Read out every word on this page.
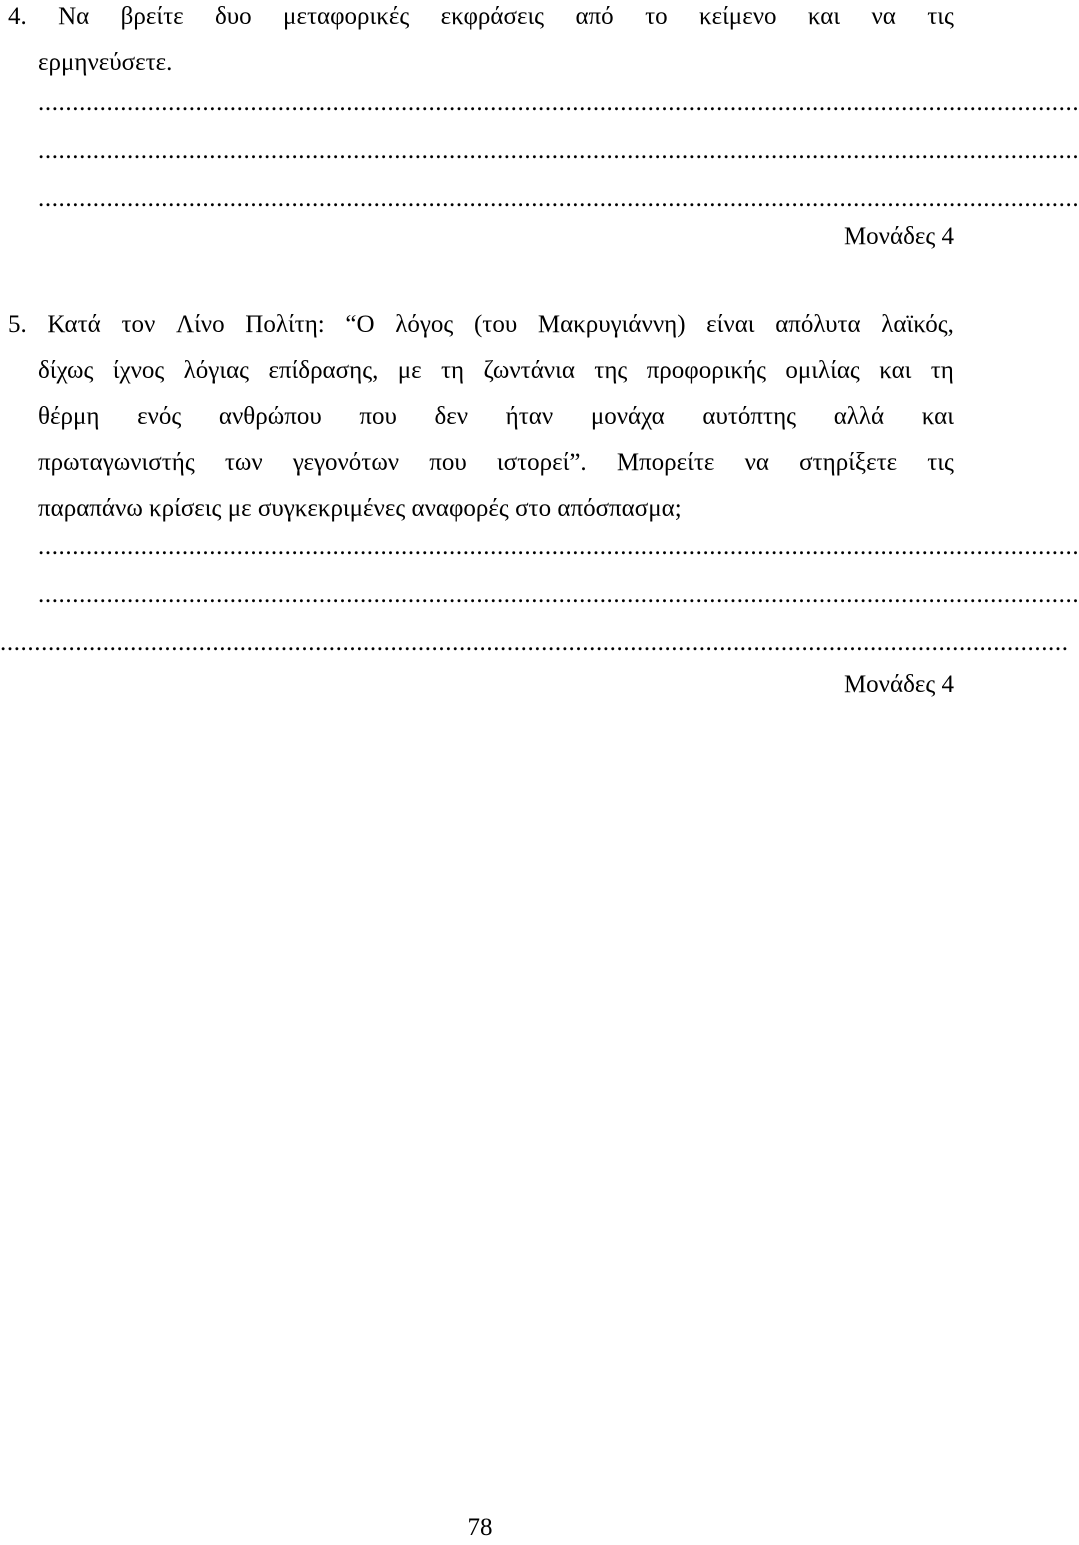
4. Να βρείτε δυο μεταφορικές εκφράσεις από το κείμενο και να τις
ερμηνεύσετε.
........................................................................................................................................................
........................................................................................................................................................
........................................................................................................................................................
Μονάδες 4
5. Κατά τον Λίνο Πολίτη: “Ο λόγος (του Μακρυγιάννη) είναι απόλυτα λαϊκός,
δίχως ίχνος λόγιας επίδρασης, με τη ζωντάνια της προφορικής ομιλίας και τη
θέρμη ενός ανθρώπου που δεν ήταν μονάχα αυτόπτης αλλά και
πρωταγωνιστής των γεγονότων που ιστορεί”. Μπορείτε να στηρίξετε τις
παραπάνω
κρίσεις
με
συγκεκριμένες
αναφορές
στο
απόσπασμα;
........................................................................................................................................................
........................................................................................................................................................
............................................................................................................................................................
Μονάδες 4
78
